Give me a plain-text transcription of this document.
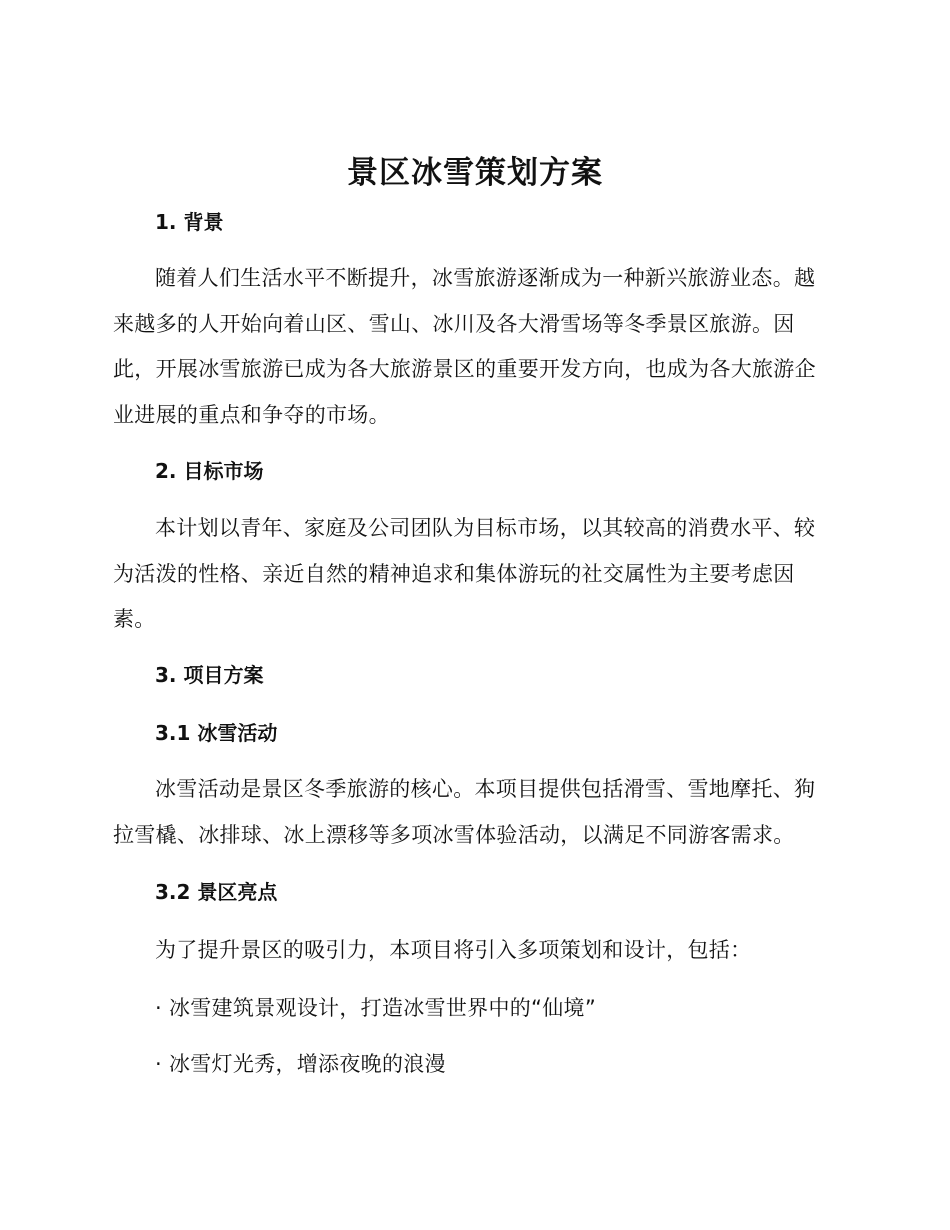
景区冰雪策划方案
1. 背景

随着人们生活水平不断提升，冰雪旅游逐渐成为一种新兴旅游业态。越来越多的人开始向着山区、雪山、冰川及各大滑雪场等冬季景区旅游。因此，开展冰雪旅游已成为各大旅游景区的重要开发方向，也成为各大旅游企业进展的重点和争夺的市场。

2. 目标市场

本计划以青年、家庭及公司团队为目标市场，以其较高的消费水平、较为活泼的性格、亲近自然的精神追求和集体游玩的社交属性为主要考虑因素。

3. 项目方案
3.1 冰雪活动

冰雪活动是景区冬季旅游的核心。本项目提供包括滑雪、雪地摩托、狗拉雪橇、冰排球、冰上漂移等多项冰雪体验活动，以满足不同游客需求。

3.2 景区亮点
为了提升景区的吸引力，本项目将引入多项策划和设计，包括：
· 冰雪建筑景观设计，打造冰雪世界中的“仙境”
· 冰雪灯光秀，增添夜晚的浪漫
